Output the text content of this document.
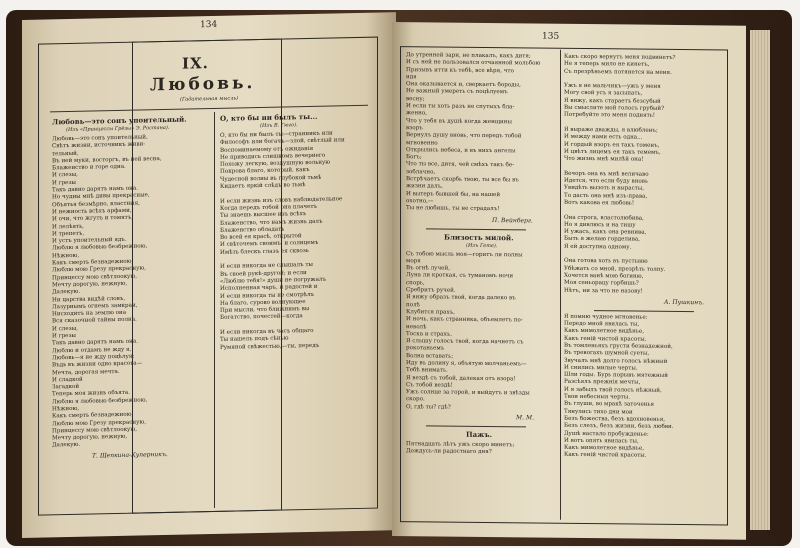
134
IX.
Любовь.
(Гадательная мысль)
Любовь—это сонъ упоительный.
(Изъ «Принцессы Грёзы» Э. Ростана).
Любовь—это сонъ упоительный,
Свѣтъ жизни, источникъ живи-
тельный,
Въ ней муки, восторгъ, въ ней весна,
Блаженство и горе одна.
И слезы,
И грезы
Такъ давно дарятъ намъ она.
Но чудны мнѣ дивы прекрасные,
Объятья безмѣрно, властныя,
И нежность всѣхъ арфами,
И очи, что жгутъ и томятъ,
И лелѣять,
И трепетъ,
И устъ упоительный ядъ.
Люблю я любовью безбрежною,
Нѣжною,
Какъ смерть безнадежною;
Люблю мою Грезу прекрасную,
Принцессу мою свѣтлоокую,
Мечту дорогую, нежную,
Далекую.
Ни царства видѣй словъ,
Лазурнымъ огнемъ замкраи,
Нисходитъ на землю она
Вся сказочной тайны полна.
И слезы,
И грезы
Такъ давно дарятъ намъ она.
Люблю и отдамъ не жду я,
Любовь—я не жду поцѣлуя;
Въдь въ жизни одно красота—
Мечта, дорогая мечта.
И сладкой
Загадкой
Теперь моя жизнь объята.
Люблю я любовью безбрежною,
Нѣжною,
Какъ смерть безнадежною;
Люблю мою Грезу прекрасную,
Принцессу мою свѣтлоокую,
Мечту дорогую, нежную,
Далекую.
Т. Щепкина-Куперникъ.
О, кто бы ни былъ ты...
(Изъ В. Гюго).
О, кто бы ни былъ ты—странникъ или
Философъ или богачъ—злой, свѣтлый или
Воспоминаемому отъ ожиданія
Не приводись слишкомъ вечернего
Похожу легкую, воздушную вольную
Покрова благо, который, какъ
Чудесной волны въ глубокой тьмѣ
Кидаетъ яркій слѣдъ во тьмѣ

И если жизнь изъ словъ наблюдательное
Когда передъ тобой она плачетъ
Ты знаешь высшее изъ всѣхъ
Блаженство, что намъ жизнь далъ
Блаженство обладать
Во всей ея красѣ, открытой
И свѣточемъ своимъ, и солнцемъ
Имѣть блескъ глазъ ея сквозь

И если никогда не слышалъ ты
Въ своей рукѣ-другой; и если
«Люблю тебя!» души не погружалъ
Исполненная чаръ, и радостей и
И если никогда ты не смотрѣлъ
На благо, сурово волнующее
При мысли, что ближнимъ вы
Богатство, почестей—когда

И если никогда въ часъ общаго
Ты нашелъ подъ сѣнью
Румяной свѣжестью,—ты, передъ
135
До утренней зари, не плакалъ, какъ дитя;
И съ ней не пользовался отчаянной мольбою
Призывъ итти къ тебѣ, все вѣря, что
идя
Она оказывается и, сверкаетъ бороды,
Не важный умереть съ поцѣлуемъ
весну;
И если ты хоть разъ не спутыхъ бла-
женно,
Что у тебя въ душѣ когда женщины
взоръ
Вернулъ душу вновь, что передъ тобой
мгновенно
Открылись небеса, и въ нихъ ангелы
Богъ;
Что ты все, дитя, чей смѣхъ такъ бе-
зоблачно,
Встрѣчаетъ скорбь твою, ты все бы въ
жизни далъ,
И вытеръ бывшей бы, на нашей
охотно,—
Ты не любишь, ты не страдалъ!
П. Вейнберг.
Близость милой.
(Изъ Гете).
Съ тобою мысль моя—горитъ ли полны
моря
Въ огнѣ лучей,
Луна ли кроткая, съ туманомъ ночи
спорь,
Сребритъ ручей.
Я вижу образъ твой, когда далеко въ
полѣ
Клубится прахъ,
И ночь, какъ странника, объемлетъ по-
неволѣ
Тоска и страхъ.
Я слышу голосъ твой, когда начнетъ съ
рокотаньемъ
Волна вставать;
Иду въ долину я, объятую молчаньемъ—
Тебѣ внимать.
Я вездѣ съ тобой, далекая отъ взора!
Съ тобой вездѣ!
Ужъ солнце за горой, и выйдутъ и звѣзды
скоро.
О, гдѣ ты? гдѣ?
М. М.
Пажъ.
Пятнадцать лѣтъ ужъ скоро минетъ;
Дождусь-ли радостнаго дня?
Какъ скоро вернутъ меня подвинетъ?
Не я теперь мило не кинетъ,
Съ презрѣньемъ потянется на меня.

Ужъ я не мальчикъ—ужъ у меня
Могу свой усъ я засыпать,
Я вижу, какъ стараетъ безсубый
Вы смыслите мой голосъ грубый?
Потребуйте это меня поднять!

Я выраже дважды, я влюбленъ;
И между нами есть одна...
И гордый взоръ ея такъ томенъ,
И цвѣтъ лицемъ ея такъ темемъ,
Что жизнь мнѣ милѣй она!

Вечоръ она въ мнѣ величаво
Идется, что если буду вновь
Увидѣть вызоть и вырасты,
То дасть она мнѣ изъ-права,
Вотъ какова ея любовь!

Она строга, властолюбива,
Но я дивлюсь и на тишу
И ужасъ, какъ она ревнива,
Быть я желаю горделива,
Я ей доступна одному.

Она готова хоть въ пустыню
Убѣжать со мной, презрѣть толпу.
Хочется ванѣ мою богиню,
Моя сеньорацу горбишь?
Нѣтъ, ни за что не назову!
А. Пушкинъ.
Я помню чудное мгновенье:
Передо мной явилась ты,
Какъ мимолетное видѣнье,
Какъ геній чистой красоты.
Въ томленьяхъ грусти безнадежной,
Въ тревогахъ шумной суеты,
Звучалъ мнѣ долго голосъ нѣжный
И снились милые черты.
Шли годы. Бурь порывъ мятежный
Разсѣялъ прежнія мечты,
И я забылъ твой голосъ нѣжный,
Твои небесныя черты.
Въ глуши, во мракѣ заточенья
Тянулись тихо дни мои
Безъ божества, безъ вдохновенья,
Безъ слезъ, безъ жизни, безъ любви.
Душѣ настало пробужденье:
И вотъ опять явилась ты,
Какъ мимолетное видѣнье,
Какъ геній чистой красоты.
